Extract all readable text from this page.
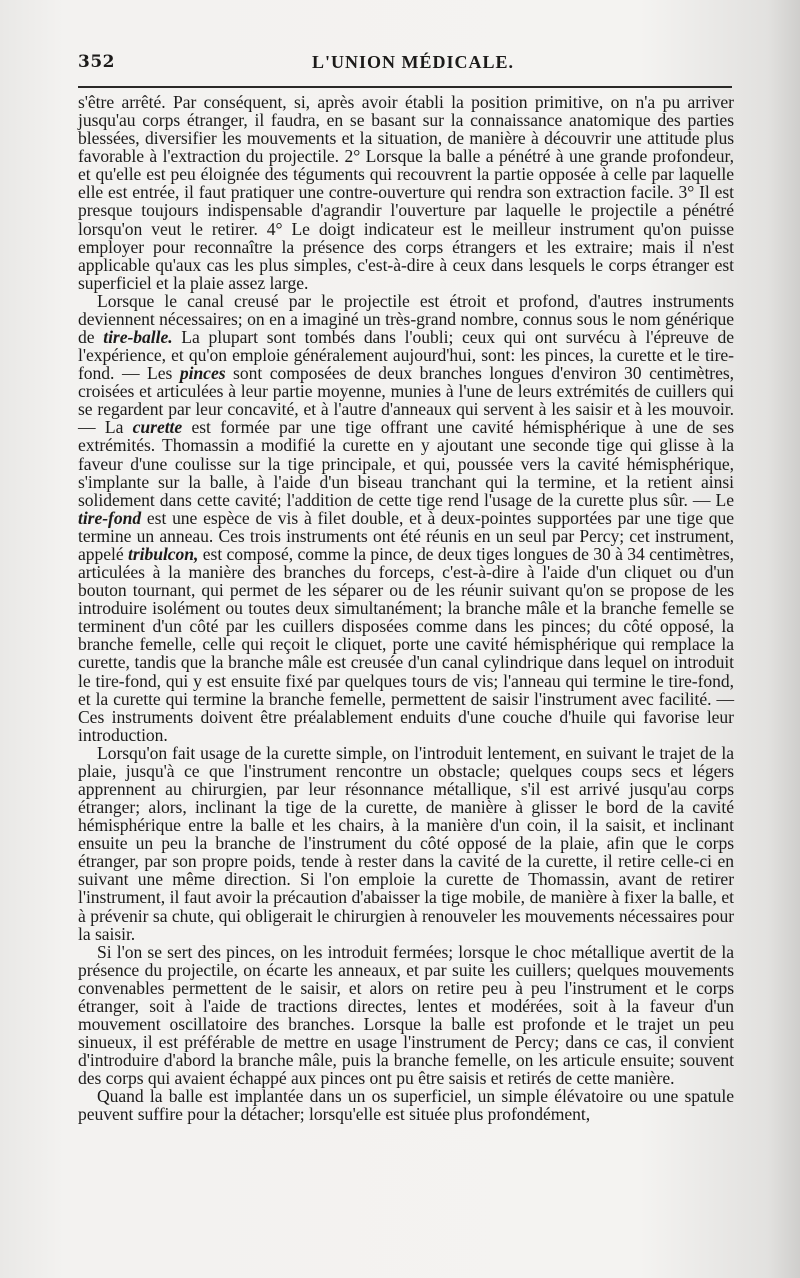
352	L'UNION MÉDICALE.

s'être arrêté. Par conséquent, si, après avoir établi la position primitive, on n'a pu arriver jusqu'au corps étranger, il faudra, en se basant sur la connaissance anatomique des parties blessées, diversifier les mouvements et la situation, de manière à découvrir une attitude plus favorable à l'extraction du projectile. 2° Lorsque la balle a pénétré à une grande profondeur, et qu'elle est peu éloignée des téguments qui recouvrent la partie opposée à celle par laquelle elle est entrée, il faut pratiquer une contre-ouverture qui rendra son extraction facile. 3° Il est presque toujours indispensable d'agrandir l'ouverture par laquelle le projectile a pénétré lorsqu'on veut le retirer. 4° Le doigt indicateur est le meilleur instrument qu'on puisse employer pour reconnaître la présence des corps étrangers et les extraire; mais il n'est applicable qu'aux cas les plus simples, c'est-à-dire à ceux dans lesquels le corps étranger est superficiel et la plaie assez large.

Lorsque le canal creusé par le projectile est étroit et profond, d'autres instruments deviennent nécessaires; on en a imaginé un très-grand nombre, connus sous le nom générique de tire-balle. La plupart sont tombés dans l'oubli; ceux qui ont survécu à l'épreuve de l'expérience, et qu'on emploie généralement aujourd'hui, sont: les pinces, la curette et le tire-fond. — Les pinces sont composées de deux branches longues d'environ 30 centimètres, croisées et articulées à leur partie moyenne, munies à l'une de leurs extrémités de cuillers qui se regardent par leur concavité, et à l'autre d'anneaux qui servent à les saisir et à les mouvoir. — La curette est formée par une tige offrant une cavité hémisphérique à une de ses extrémités. Thomassin a modifié la curette en y ajoutant une seconde tige qui glisse à la faveur d'une coulisse sur la tige principale, et qui, poussée vers la cavité hémisphérique, s'implante sur la balle, à l'aide d'un biseau tranchant qui la termine, et la retient ainsi solidement dans cette cavité; l'addition de cette tige rend l'usage de la curette plus sûr. — Le tire-fond est une espèce de vis à filet double, et à deux-pointes supportées par une tige que termine un anneau. Ces trois instruments ont été réunis en un seul par Percy; cet instrument, appelé tribulcon, est composé, comme la pince, de deux tiges longues de 30 à 34 centimètres, articulées à la manière des branches du forceps, c'est-à-dire à l'aide d'un cliquet ou d'un bouton tournant, qui permet de les séparer ou de les réunir suivant qu'on se propose de les introduire isolément ou toutes deux simultanément; la branche mâle et la branche femelle se terminent d'un côté par les cuillers disposées comme dans les pinces; du côté opposé, la branche femelle, celle qui reçoit le cliquet, porte une cavité hémisphérique qui remplace la curette, tandis que la branche mâle est creusée d'un canal cylindrique dans lequel on introduit le tire-fond, qui y est ensuite fixé par quelques tours de vis; l'anneau qui termine le tire-fond, et la curette qui termine la branche femelle, permettent de saisir l'instrument avec facilité. — Ces instruments doivent être préalablement enduits d'une couche d'huile qui favorise leur introduction.

Lorsqu'on fait usage de la curette simple, on l'introduit lentement, en suivant le trajet de la plaie, jusqu'à ce que l'instrument rencontre un obstacle; quelques coups secs et légers apprennent au chirurgien, par leur résonnance métallique, s'il est arrivé jusqu'au corps étranger; alors, inclinant la tige de la curette, de manière à glisser le bord de la cavité hémisphérique entre la balle et les chairs, à la manière d'un coin, il la saisit, et inclinant ensuite un peu la branche de l'instrument du côté opposé de la plaie, afin que le corps étranger, par son propre poids, tende à rester dans la cavité de la curette, il retire celle-ci en suivant une même direction. Si l'on emploie la curette de Thomassin, avant de retirer l'instrument, il faut avoir la précaution d'abaisser la tige mobile, de manière à fixer la balle, et à prévenir sa chute, qui obligerait le chirurgien à renouveler les mouvements nécessaires pour la saisir.

Si l'on se sert des pinces, on les introduit fermées; lorsque le choc métallique avertit de la présence du projectile, on écarte les anneaux, et par suite les cuillers; quelques mouvements convenables permettent de le saisir, et alors on retire peu à peu l'instrument et le corps étranger, soit à l'aide de tractions directes, lentes et modérées, soit à la faveur d'un mouvement oscillatoire des branches. Lorsque la balle est profonde et le trajet un peu sinueux, il est préférable de mettre en usage l'instrument de Percy; dans ce cas, il convient d'introduire d'abord la branche mâle, puis la branche femelle, on les articule ensuite; souvent des corps qui avaient échappé aux pinces ont pu être saisis et retirés de cette manière.

Quand la balle est implantée dans un os superficiel, un simple élévatoire ou une spatule peuvent suffire pour la détacher; lorsqu'elle est située plus profondément,
